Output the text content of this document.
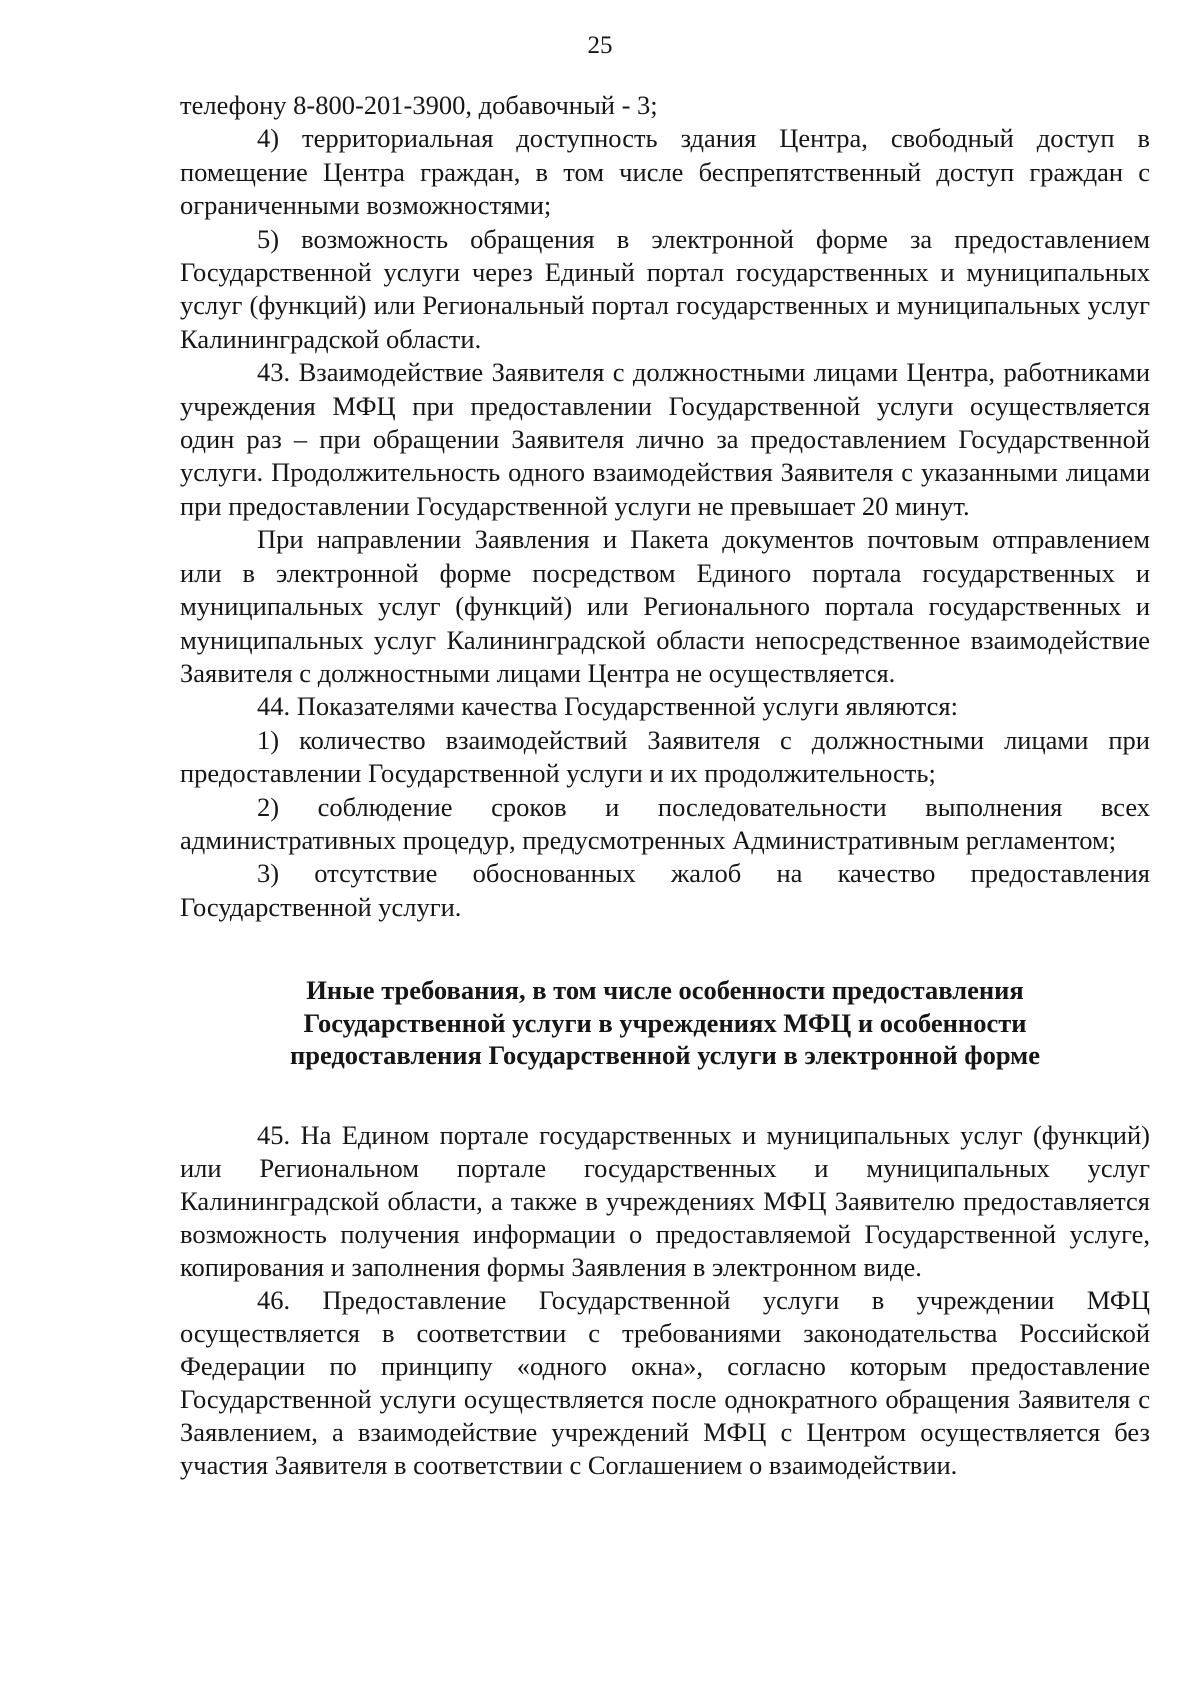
25

телефону 8-800-201-3900, добавочный - 3;

4) территориальная доступность здания Центра, свободный доступ в помещение Центра граждан, в том числе беспрепятственный доступ граждан с ограниченными возможностями;

5) возможность обращения в электронной форме за предоставлением Государственной услуги через Единый портал государственных и муниципальных услуг (функций) или Региональный портал государственных и муниципальных услуг Калининградской области.

43. Взаимодействие Заявителя с должностными лицами Центра, работниками учреждения МФЦ при предоставлении Государственной услуги осуществляется один раз – при обращении Заявителя лично за предоставлением Государственной услуги. Продолжительность одного взаимодействия Заявителя с указанными лицами при предоставлении Государственной услуги не превышает 20 минут.

При направлении Заявления и Пакета документов почтовым отправлением или в электронной форме посредством Единого портала государственных и муниципальных услуг (функций) или Регионального портала государственных и муниципальных услуг Калининградской области непосредственное взаимодействие Заявителя с должностными лицами Центра не осуществляется.

44. Показателями качества Государственной услуги являются:

1) количество взаимодействий Заявителя с должностными лицами при предоставлении Государственной услуги и их продолжительность;

2) соблюдение сроков и последовательности выполнения всех административных процедур, предусмотренных Административным регламентом;

3) отсутствие обоснованных жалоб на качество предоставления Государственной услуги.

Иные требования, в том числе особенности предоставления Государственной услуги в учреждениях МФЦ и особенности предоставления Государственной услуги в электронной форме

45. На Едином портале государственных и муниципальных услуг (функций) или Региональном портале государственных и муниципальных услуг Калининградской области, а также в учреждениях МФЦ Заявителю предоставляется возможность получения информации о предоставляемой Государственной услуге, копирования и заполнения формы Заявления в электронном виде.

46. Предоставление Государственной услуги в учреждении МФЦ осуществляется в соответствии с требованиями законодательства Российской Федерации по принципу «одного окна», согласно которым предоставление Государственной услуги осуществляется после однократного обращения Заявителя с Заявлением, а взаимодействие учреждений МФЦ с Центром осуществляется без участия Заявителя в соответствии с Соглашением о взаимодействии.
